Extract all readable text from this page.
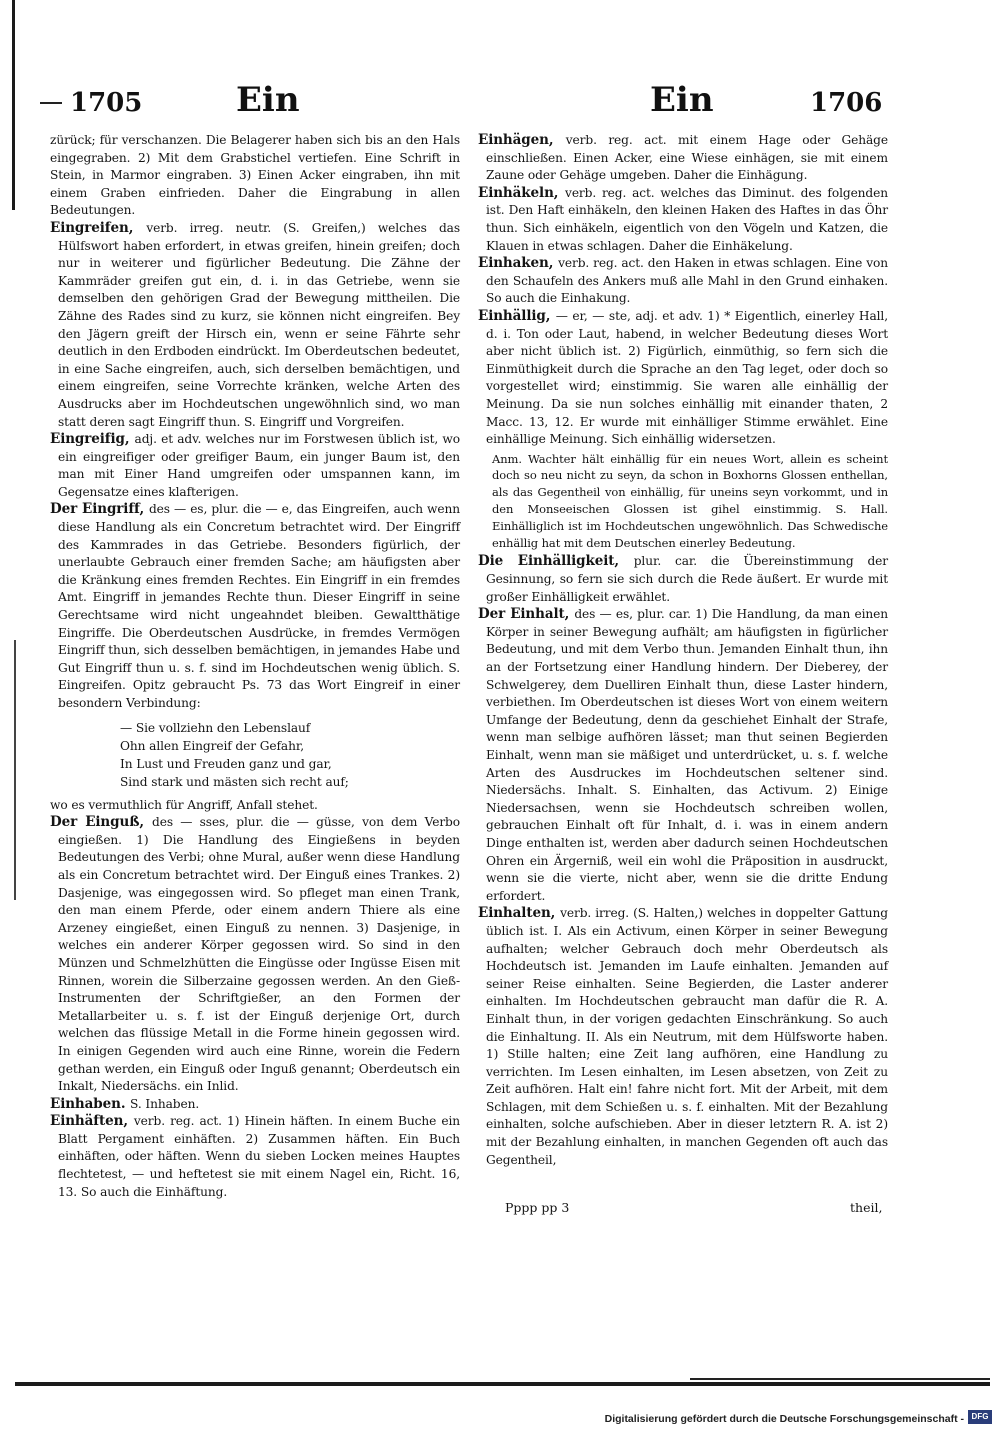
1705	Ein	Ein	1706

zürück; für verschanzen. Die Belagerer haben sich bis an den Hals eingegraben. 2) Mit dem Grabstichel vertiefen. Eine Schrift in Stein, in Marmor eingraben. 3) Einen Acker eingraben, ihn mit einem Graben einfrieden. Daher die Eingrabung in allen Bedeutungen.

Eingreifen, verb. irreg. neutr. (S. Greifen,) welches das Hülfswort haben erfordert, in etwas greifen, hinein greifen; doch nur in weiterer und figürlicher Bedeutung. Die Zähne der Kammräder greifen gut ein, d. i. in das Getriebe, wenn sie demselben den gehörigen Grad der Bewegung mittheilen. Die Zähne des Rades sind zu kurz, sie können nicht eingreifen. Bey den Jägern greift der Hirsch ein, wenn er seine Fährte sehr deutlich in den Erdboden eindrückt. Im Oberdeutschen bedeutet, in eine Sache eingreifen, auch, sich derselben bemächtigen, und einem eingreifen, seine Vorrechte kränken, welche Arten des Ausdrucks aber im Hochdeutschen ungewöhnlich sind, wo man statt deren sagt Eingriff thun. S. Eingriff und Vorgreifen.
Eingreifig, adj. et adv. welches nur im Forstwesen üblich ist, wo ein eingreifiger oder greifiger Baum, ein junger Baum ist, den man mit Einer Hand umgreifen oder umspannen kann, im Gegensatze eines klafterigen.
Der Eingriff, des — es, plur. die — e, das Eingreifen, auch wenn diese Handlung als ein Concretum betrachtet wird. Der Eingriff des Kammrades in das Getriebe. Besonders figürlich, der unerlaubte Gebrauch einer fremden Sache; am häufigsten aber die Kränkung eines fremden Rechtes. Ein Eingriff in ein fremdes Amt. Eingriff in jemandes Rechte thun. Dieser Eingriff in seine Gerechtsame wird nicht ungeahndet bleiben. Gewaltthätige Eingriffe. Die Oberdeutschen Ausdrücke, in fremdes Vermögen Eingriff thun, sich desselben bemächtigen, in jemandes Habe und Gut Eingriff thun u. s. f. sind im Hochdeutschen wenig üblich. S. Eingreifen. Opitz gebraucht Ps. 73 das Wort Eingreif in einer besondern Verbindung:
— Sie vollziehn den Lebenslauf
Ohn allen Eingreif der Gefahr,
In Lust und Freuden ganz und gar,
Sind stark und mästen sich recht auf;

wo es vermuthlich für Angriff, Anfall stehet.

Der Einguß, des — sses, plur. die — güsse, von dem Verbo eingießen. 1) Die Handlung des Eingießens in beyden Bedeutungen des Verbi; ohne Mural, außer wenn diese Handlung als ein Concretum betrachtet wird. Der Einguß eines Trankes. 2) Dasjenige, was eingegossen wird. So pfleget man einen Trank, den man einem Pferde, oder einem andern Thiere als eine Arzeney eingießet, einen Einguß zu nennen. 3) Dasjenige, in welches ein anderer Körper gegossen wird. So sind in den Münzen und Schmelzhütten die Eingüsse oder Ingüsse Eisen mit Rinnen, worein die Silberzaine gegossen werden. An den Gieß-Instrumenten der Schriftgießer, an den Formen der Metallarbeiter u. s. f. ist der Einguß derjenige Ort, durch welchen das flüssige Metall in die Forme hinein gegossen wird. In einigen Gegenden wird auch eine Rinne, worein die Federn gethan werden, ein Einguß oder Inguß genannt; Oberdeutsch ein Inkalt, Niedersächs. ein Inlid.
Einhaben. S. Inhaben.
Einhäften, verb. reg. act. 1) Hinein häften. In einem Buche ein Blatt Pergament einhäften. 2) Zusammen häften. Ein Buch einhäften, oder häften. Wenn du sieben Locken meines Hauptes flechtetest, — und heftetest sie mit einem Nagel ein, Richt. 16, 13. So auch die Einhäftung.
Einhägen, verb. reg. act. mit einem Hage oder Gehäge einschließen. Einen Acker, eine Wiese einhägen, sie mit einem Zaune oder Gehäge umgeben. Daher die Einhägung.
Einhäkeln, verb. reg. act. welches das Diminut. des folgenden ist. Den Haft einhäkeln, den kleinen Haken des Haftes in das Öhr thun. Sich einhäkeln, eigentlich von den Vögeln und Katzen, die Klauen in etwas schlagen. Daher die Einhäkelung.
Einhaken, verb. reg. act. den Haken in etwas schlagen. Eine von den Schaufeln des Ankers muß alle Mahl in den Grund einhaken. So auch die Einhakung.
Einhällig, — er, — ste, adj. et adv. 1) * Eigentlich, einerley Hall, d. i. Ton oder Laut, habend, in welcher Bedeutung dieses Wort aber nicht üblich ist. 2) Figürlich, einmüthig, so fern sich die Einmüthigkeit durch die Sprache an den Tag leget, oder doch so vorgestellet wird; einstimmig. Sie waren alle einhällig der Meinung. Da sie nun solches einhällig mit einander thaten, 2 Macc. 13, 12. Er wurde mit einhälliger Stimme erwählet. Eine einhällige Meinung. Sich einhällig widersetzen.

Anm. Wachter hält einhällig für ein neues Wort, allein es scheint doch so neu nicht zu seyn, da schon in Boxhorns Glossen enthellan, als das Gegentheil von einhällig, für uneins seyn vorkommt, und in den Monseeischen Glossen ist gihel einstimmig. S. Hall. Einhälliglich ist im Hochdeutschen ungewöhnlich. Das Schwedische enhällig hat mit dem Deutschen einerley Bedeutung.

Die Einhälligkeit, plur. car. die Übereinstimmung der Gesinnung, so fern sie sich durch die Rede äußert. Er wurde mit großer Einhälligkeit erwählet.
Der Einhalt, des — es, plur. car. 1) Die Handlung, da man einen Körper in seiner Bewegung aufhält; am häufigsten in figürlicher Bedeutung, und mit dem Verbo thun. Jemanden Einhalt thun, ihn an der Fortsetzung einer Handlung hindern. Der Dieberey, der Schwelgerey, dem Duelliren Einhalt thun, diese Laster hindern, verbiethen. Im Oberdeutschen ist dieses Wort von einem weitern Umfange der Bedeutung, denn da geschiehet Einhalt der Strafe, wenn man selbige aufhören lässet; man thut seinen Begierden Einhalt, wenn man sie mäßiget und unterdrücket, u. s. f. welche Arten des Ausdruckes im Hochdeutschen seltener sind. Niedersächs. Inhalt. S. Einhalten, das Activum. 2) Einige Niedersachsen, wenn sie Hochdeutsch schreiben wollen, gebrauchen Einhalt oft für Inhalt, d. i. was in einem andern Dinge enthalten ist, werden aber dadurch seinen Hochdeutschen Ohren ein Ärgerniß, weil ein wohl die Präposition in ausdruckt, wenn sie die vierte, nicht aber, wenn sie die dritte Endung erfordert.
Einhalten, verb. irreg. (S. Halten,) welches in doppelter Gattung üblich ist. I. Als ein Activum, einen Körper in seiner Bewegung aufhalten; welcher Gebrauch doch mehr Oberdeutsch als Hochdeutsch ist. Jemanden im Laufe einhalten. Jemanden auf seiner Reise einhalten. Seine Begierden, die Laster anderer einhalten. Im Hochdeutschen gebraucht man dafür die R. A. Einhalt thun, in der vorigen gedachten Einschränkung. So auch die Einhaltung. II. Als ein Neutrum, mit dem Hülfsworte haben. 1) Stille halten; eine Zeit lang aufhören, eine Handlung zu verrichten. Im Lesen einhalten, im Lesen absetzen, von Zeit zu Zeit aufhören. Halt ein! fahre nicht fort. Mit der Arbeit, mit dem Schlagen, mit dem Schießen u. s. f. einhalten. Mit der Bezahlung einhalten, solche aufschieben. Aber in dieser letztern R. A. ist 2) mit der Bezahlung einhalten, in manchen Gegenden oft auch das Gegentheil,
Pppp pp 3	theil,
Digitalisierung gefördert durch die Deutsche Forschungsgemeinschaft - DFG
